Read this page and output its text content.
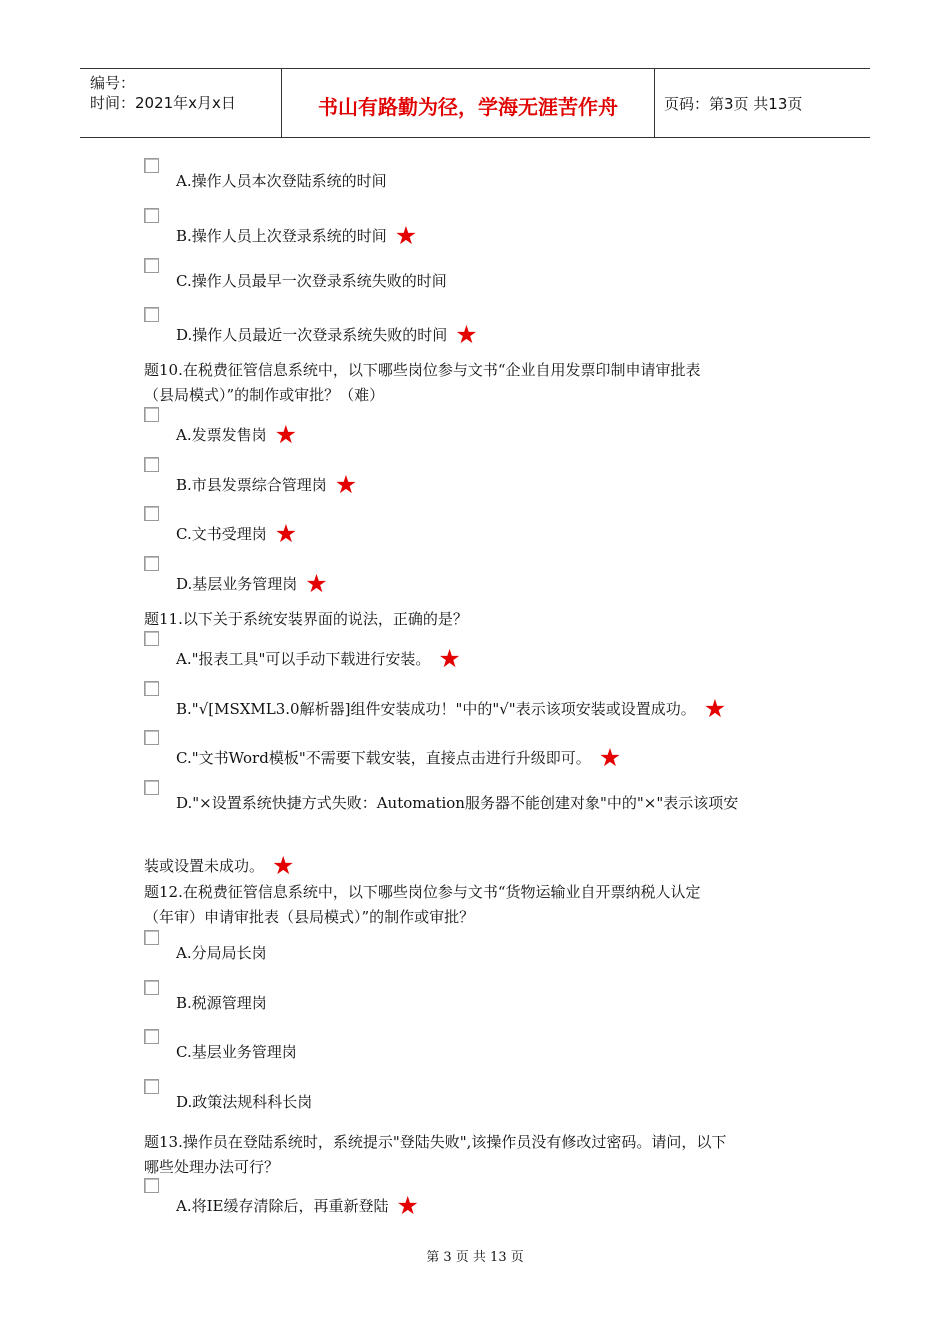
编号：
时间：2021年x月x日	书山有路勤为径，学海无涯苦作舟	页码：第3页 共13页
A.操作人员本次登陆系统的时间
B.操作人员上次登录系统的时间 ★
C.操作人员最早一次登录系统失败的时间
D.操作人员最近一次登录系统失败的时间 ★
题10.在税费征管信息系统中，以下哪些岗位参与文书“企业自用发票印制申请审批表
（县局模式）”的制作或审批？（难）
A.发票发售岗 ★
B.市县发票综合管理岗 ★
C.文书受理岗 ★
D.基层业务管理岗 ★
题11.以下关于系统安装界面的说法，正确的是？
A."报表工具"可以手动下载进行安装。 ★
B."√[MSXML3.0解析器]组件安装成功！"中的"√"表示该项安装或设置成功。 ★
C."文书Word模板"不需要下载安装，直接点击进行升级即可。 ★
D."×设置系统快捷方式失败：Automation服务器不能创建对象"中的"×"表示该项安
装或设置未成功。 ★
题12.在税费征管信息系统中，以下哪些岗位参与文书“货物运输业自开票纳税人认定
（年审）申请审批表（县局模式）”的制作或审批？
A.分局局长岗
B.税源管理岗
C.基层业务管理岗
D.政策法规科科长岗
题13.操作员在登陆系统时，系统提示"登陆失败",该操作员没有修改过密码。请问，以下
哪些处理办法可行？
A.将IE缓存清除后，再重新登陆 ★
第 3 页 共 13 页
